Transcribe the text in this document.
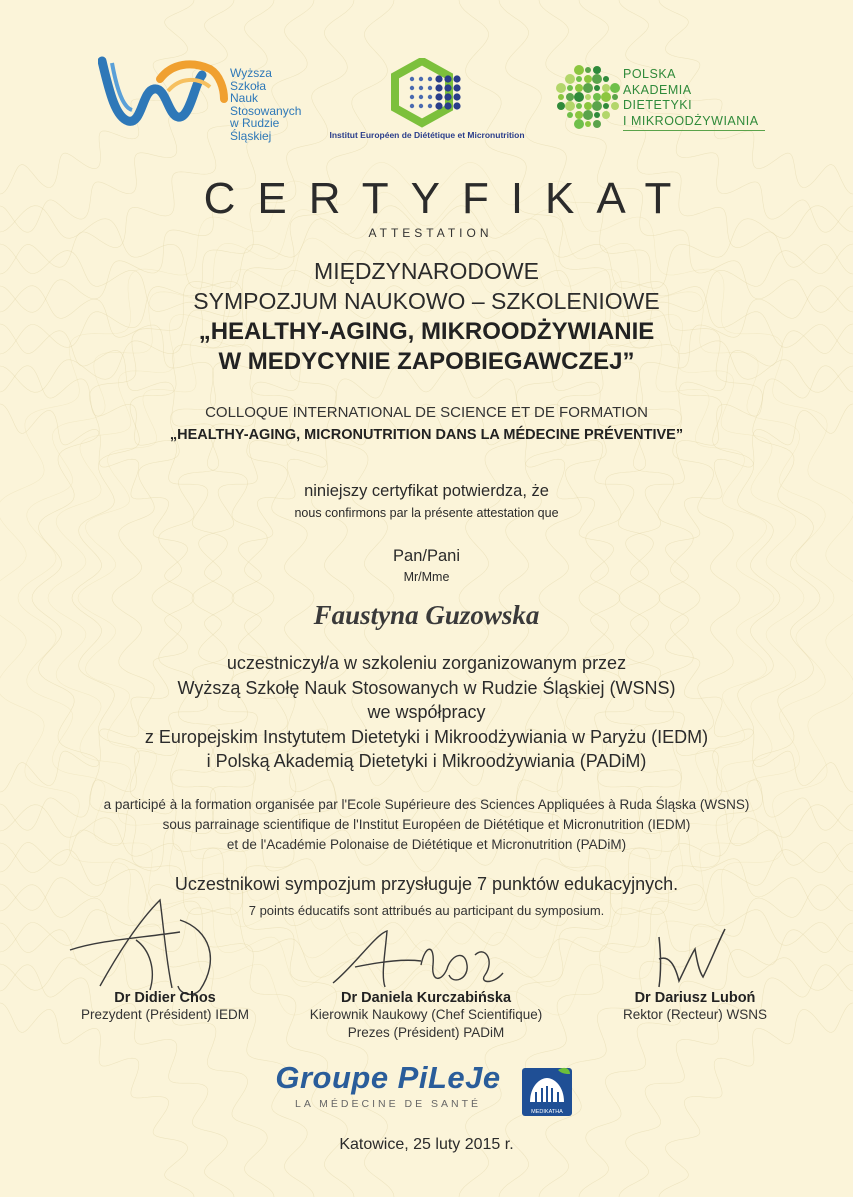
Wyższa
Szkoła
Nauk
Stosowanych
w Rudzie Śląskiej	Institut Européen de Diététique et Micronutrition
POLSKA
AKADEMIA
DIETETYKI
I MIKROODŻYWIANIA
CERTYFIKAT
ATTESTATION
MIĘDZYNARODOWE
SYMPOZJUM NAUKOWO – SZKOLENIOWE
„HEALTHY-AGING, MIKROODŻYWIANIE
W MEDYCYNIE ZAPOBIEGAWCZEJ”
COLLOQUE INTERNATIONAL DE SCIENCE ET DE FORMATION
„HEALTHY-AGING, MICRONUTRITION DANS LA MÉDECINE PRÉVENTIVE”
niniejszy certyfikat potwierdza, że
nous confirmons par la présente attestation que
Pan/Pani
Mr/Mme
Faustyna Guzowska
uczestniczył/a w szkoleniu zorganizowanym przez
Wyższą Szkołę Nauk Stosowanych w Rudzie Śląskiej (WSNS)
we współpracy
z Europejskim Instytutem Dietetyki i Mikroodżywiania w Paryżu (IEDM)
i Polską Akademią Dietetyki i Mikroodżywiania (PADiM)
a participé à la formation organisée par l'Ecole Supérieure des Sciences Appliquées à Ruda Śląska (WSNS)
sous parrainage scientifique de l'Institut Européen de Diététique et Micronutrition (IEDM)
et de l'Académie Polonaise de Diététique et Micronutrition (PADiM)
Uczestnikowi sympozjum przysługuje 7 punktów edukacyjnych.
7 points éducatifs sont attribués au participant du symposium.
Dr Didier Chos
Prezydent (Président) IEDM
Dr Daniela Kurczabińska
Kierownik Naukowy (Chef Scientifique)
Prezes (Président) PADiM
Dr Dariusz Luboń
Rektor (Recteur) WSNS
Groupe PiLeJe
LA MÉDECINE DE SANTÉ
MEDIKATHA
Katowice, 25 luty 2015 r.
